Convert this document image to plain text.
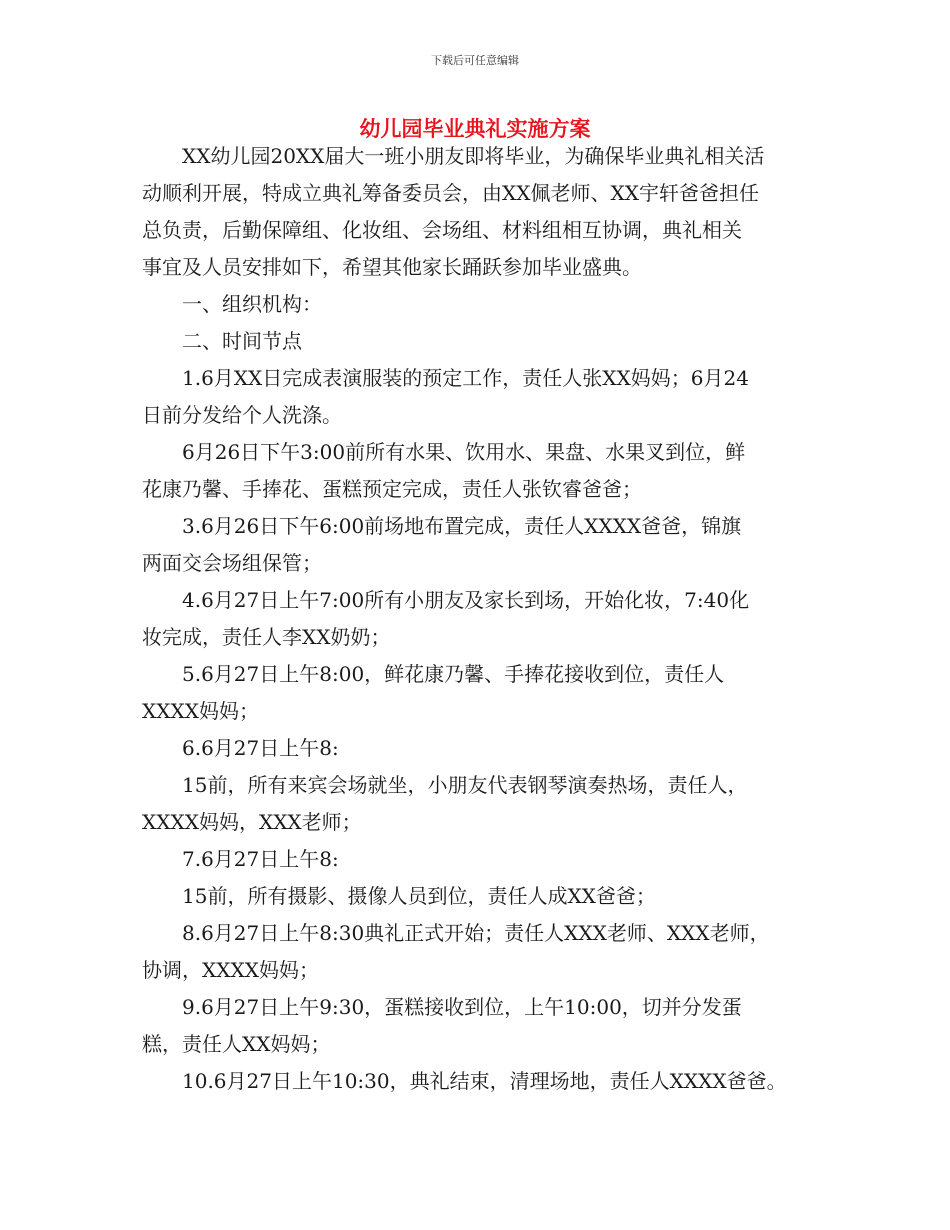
下载后可任意编辑
幼儿园毕业典礼实施方案

XX幼儿园20XX届大一班小朋友即将毕业，为确保毕业典礼相关活

动顺利开展，特成立典礼筹备委员会，由XX佩老师、XX宇轩爸爸担任

总负责，后勤保障组、化妆组、会场组、材料组相互协调，典礼相关

事宜及人员安排如下，希望其他家长踊跃参加毕业盛典。

一、组织机构：

二、时间节点

1.6月XX日完成表演服装的预定工作，责任人张XX妈妈；6月24

日前分发给个人洗涤。

6月26日下午3:00前所有水果、饮用水、果盘、水果叉到位，鲜

花康乃馨、手捧花、蛋糕预定完成，责任人张钦睿爸爸；

3.6月26日下午6:00前场地布置完成，责任人XXXX爸爸，锦旗

两面交会场组保管；

4.6月27日上午7:00所有小朋友及家长到场，开始化妆，7:40化

妆完成，责任人李XX奶奶；

5.6月27日上午8:00，鲜花康乃馨、手捧花接收到位，责任人

XXXX妈妈；

6.6月27日上午8:

15前，所有来宾会场就坐，小朋友代表钢琴演奏热场，责任人，

XXXX妈妈，XXX老师；

7.6月27日上午8:

15前，所有摄影、摄像人员到位，责任人成XX爸爸；

8.6月27日上午8:30典礼正式开始；责任人XXX老师、XXX老师，

协调，XXXX妈妈；

9.6月27日上午9:30，蛋糕接收到位，上午10:00，切并分发蛋

糕，责任人XX妈妈；

10.6月27日上午10:30，典礼结束，清理场地，责任人XXXX爸爸。
